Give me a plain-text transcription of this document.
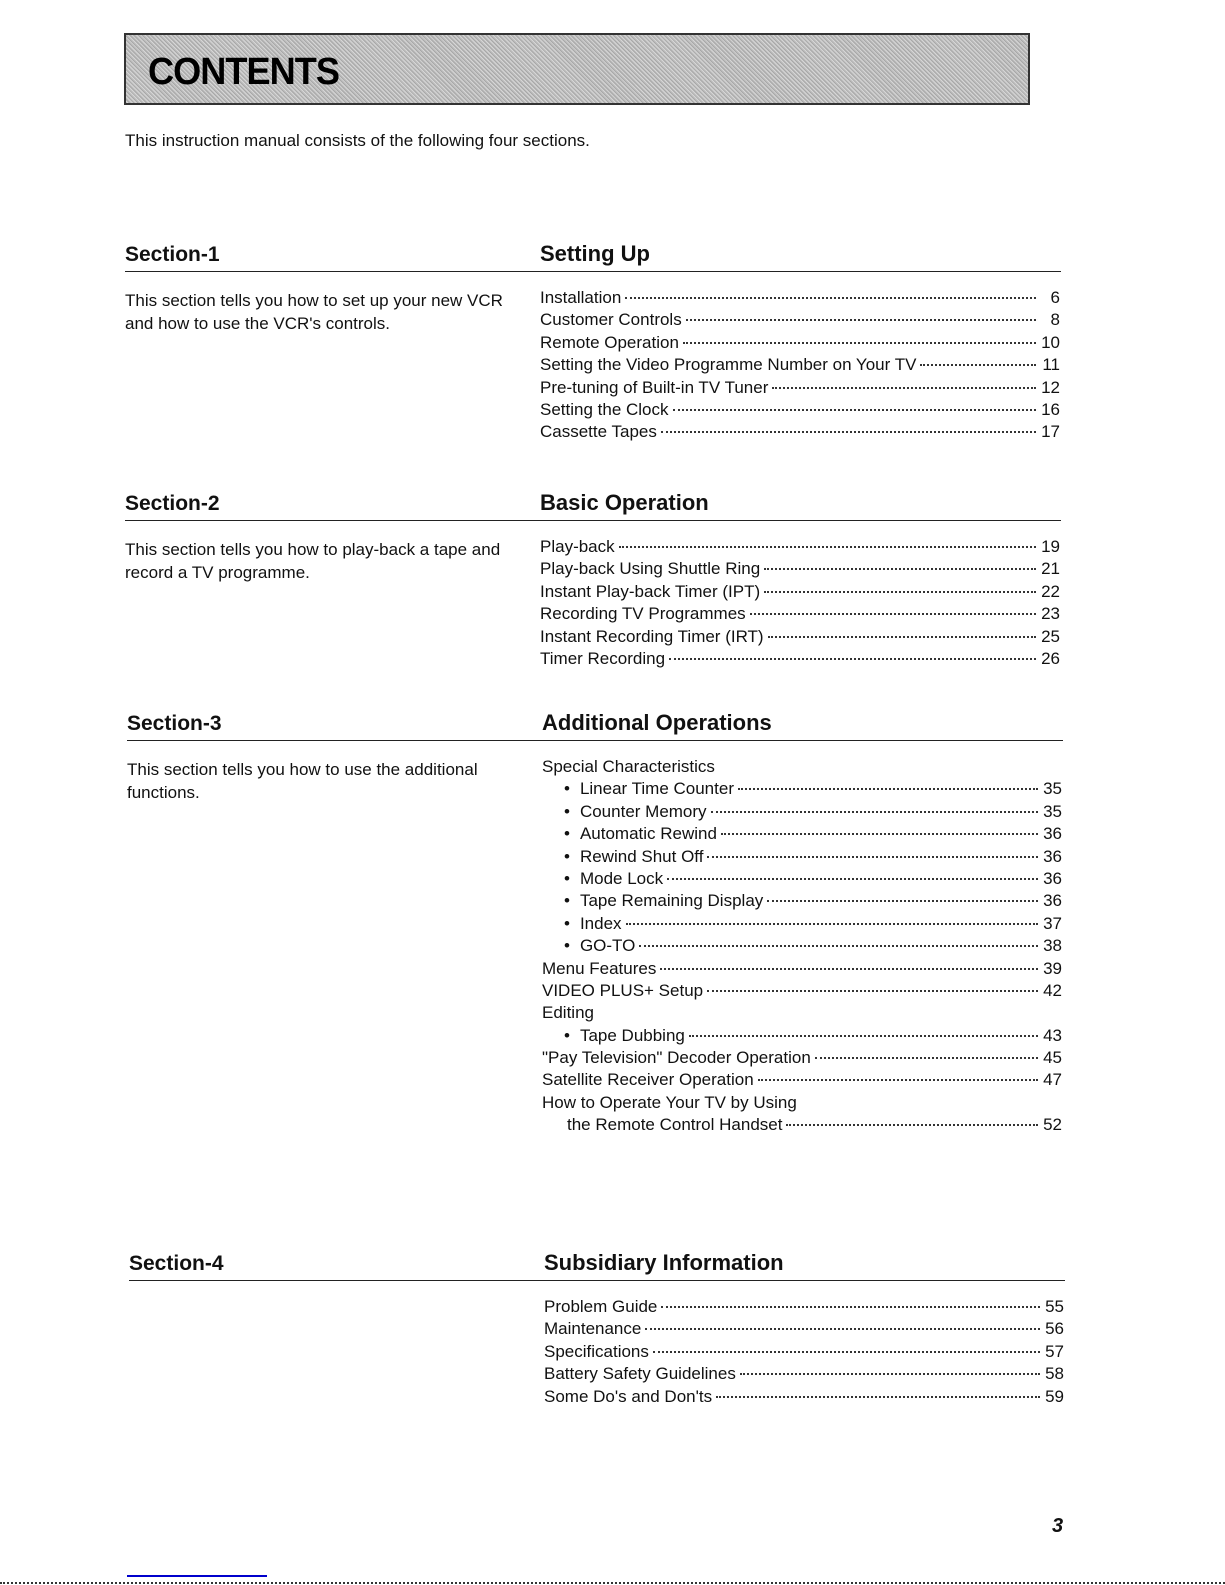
CONTENTS
This instruction manual consists of the following four sections.
Section-1	Setting Up
This section tells you how to set up your new VCR and how to use the VCR's controls.
Installation	6
Customer Controls	8
Remote Operation	10
Setting the Video Programme Number on Your TV	11
Pre-tuning of Built-in TV Tuner	12
Setting the Clock	16
Cassette Tapes	17
Section-2	Basic Operation
This section tells you how to play-back a tape and record a TV programme.
Play-back	19
Play-back Using Shuttle Ring	21
Instant Play-back Timer (IPT)	22
Recording TV Programmes	23
Instant Recording Timer (IRT)	25
Timer Recording	26
Section-3	Additional Operations
This section tells you how to use the additional functions.
Special Characteristics
• Linear Time Counter	35
• Counter Memory	35
• Automatic Rewind	36
• Rewind Shut Off	36
• Mode Lock	36
• Tape Remaining Display	36
• Index	37
• GO-TO	38
Menu Features	39
VIDEO PLUS+ Setup	42
Editing
• Tape Dubbing	43
"Pay Television" Decoder Operation	45
Satellite Receiver Operation	47
How to Operate Your TV by Using
the Remote Control Handset	52
Section-4	Subsidiary Information
Problem Guide	55
Maintenance	56
Specifications	57
Battery Safety Guidelines	58
Some Do's and Don'ts	59
3
